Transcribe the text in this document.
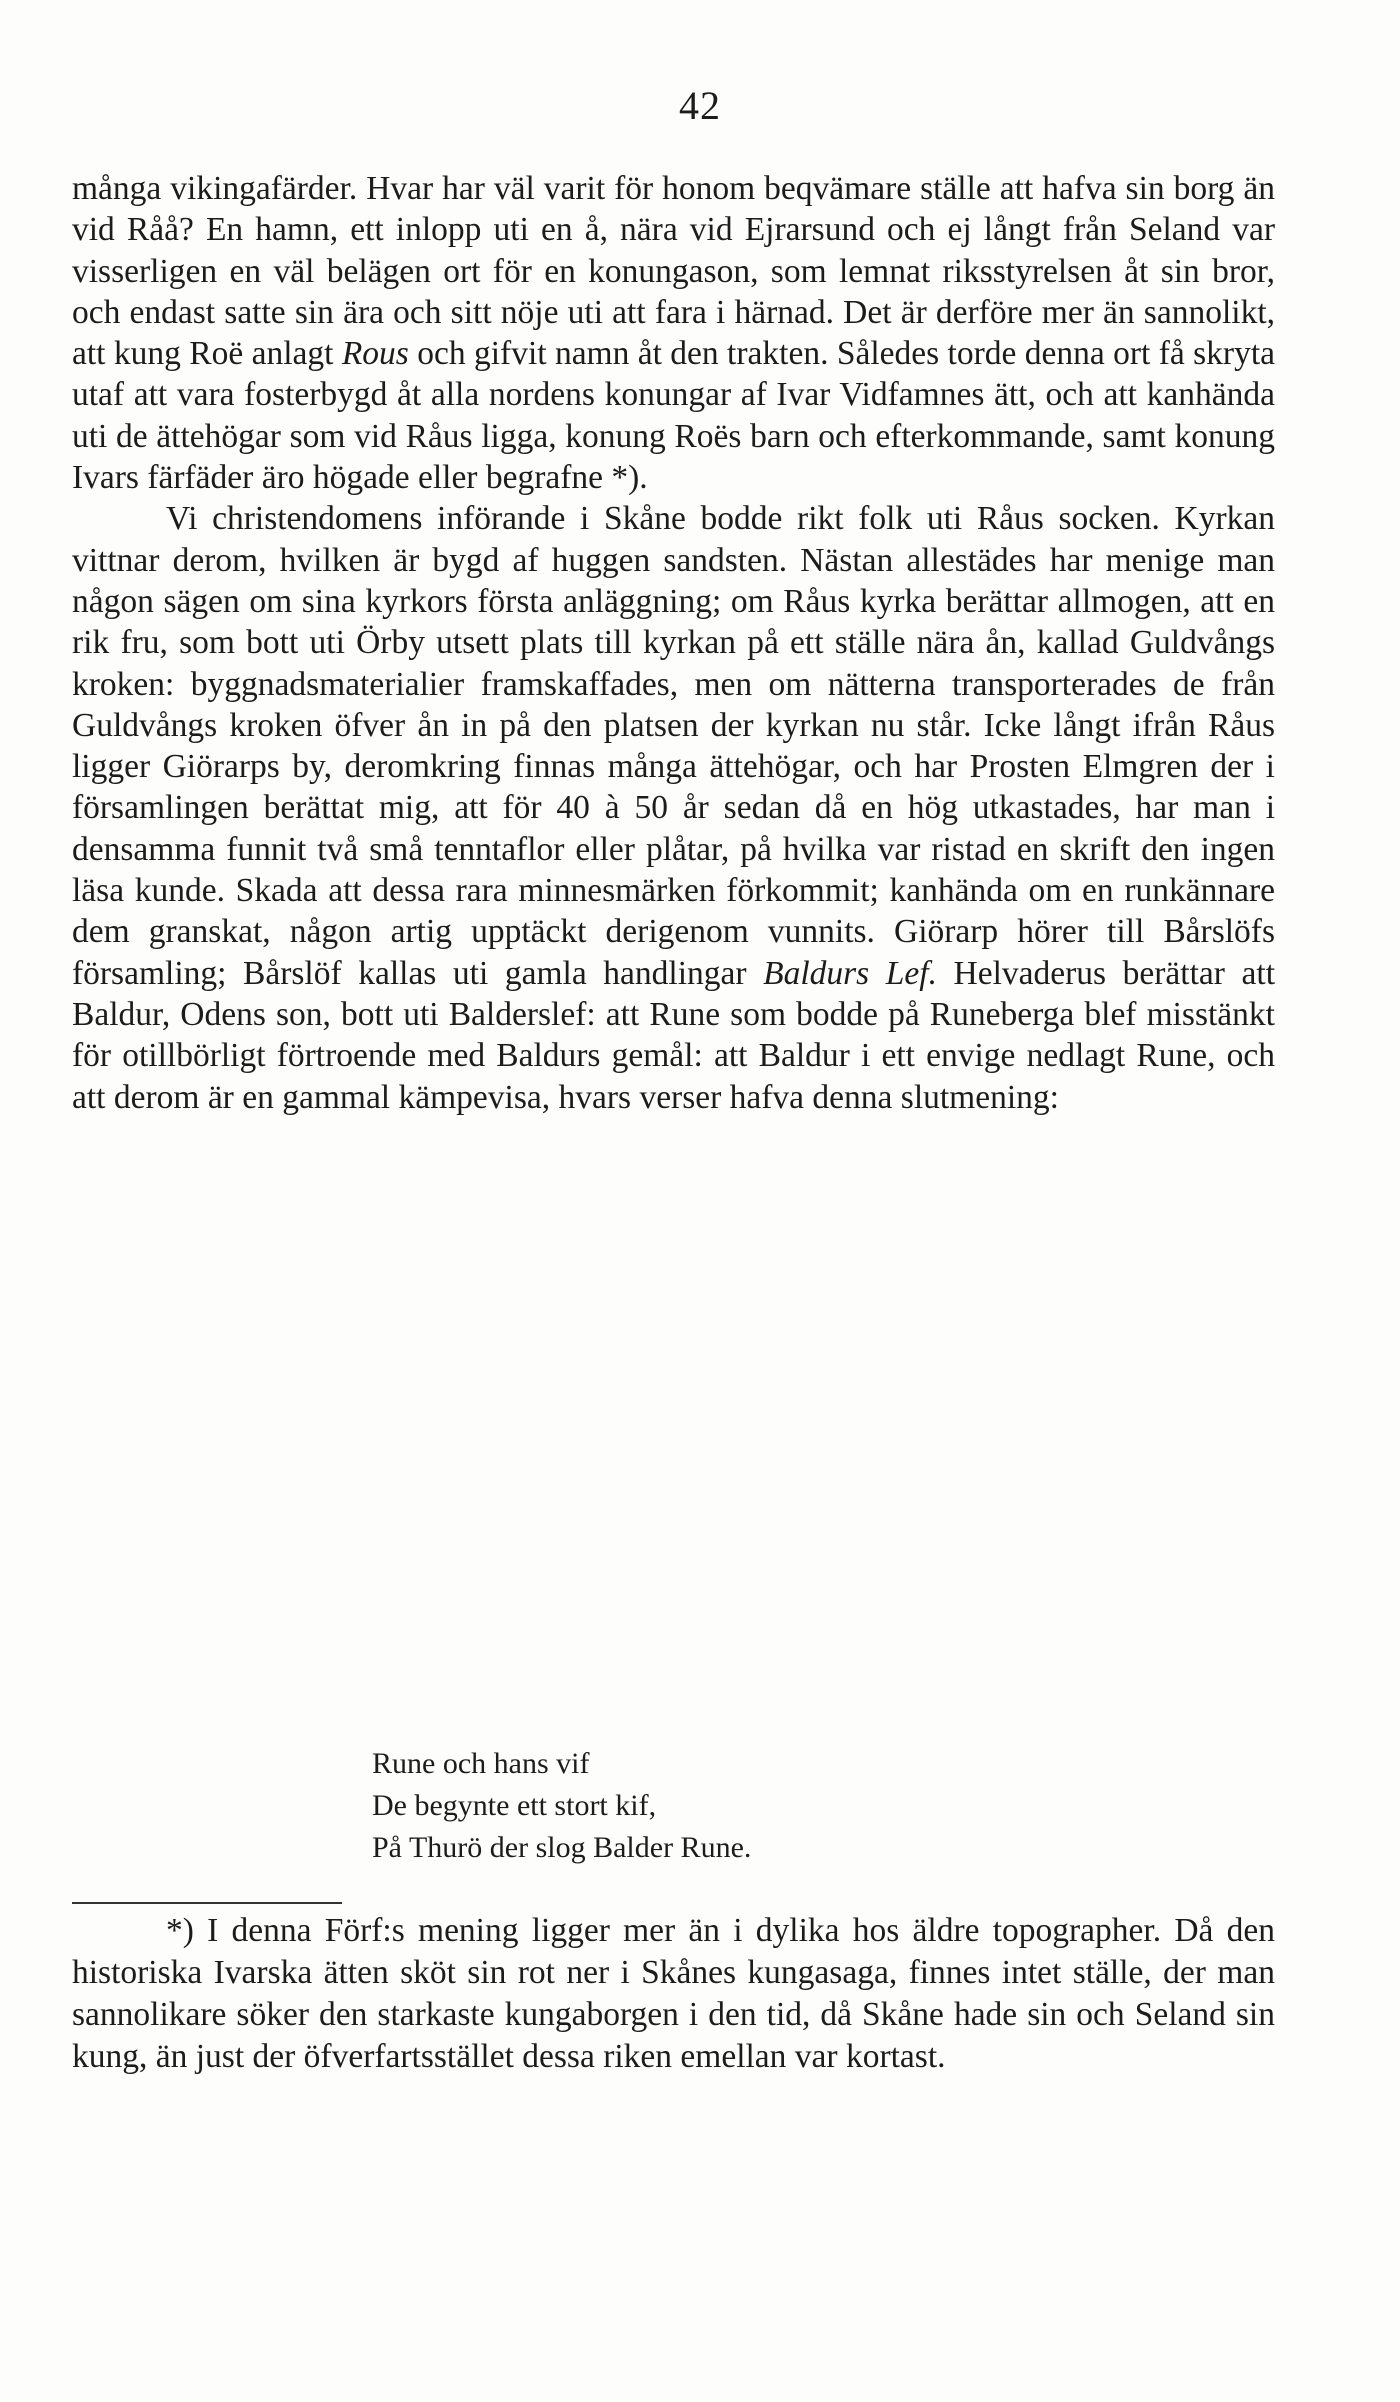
42

många vikingafärder. Hvar har väl varit för honom beqvämare ställe att hafva sin borg än vid Råå? En hamn, ett inlopp uti en å, nära vid Ejrarsund och ej långt från Seland var visserligen en väl belägen ort för en konungason, som lemnat riksstyrelsen åt sin bror, och endast satte sin ära och sitt nöje uti att fara i härnad. Det är derföre mer än sannolikt, att kung Roë anlagt Rous och gifvit namn åt den trakten. Således torde denna ort få skryta utaf att vara fosterbygd åt alla nordens konungar af Ivar Vidfamnes ätt, och att kanhända uti de ättehögar som vid Råus ligga, konung Roës barn och efterkommande, samt konung Ivars färfäder äro högade eller begrafne *).

Vi christendomens införande i Skåne bodde rikt folk uti Råus socken. Kyrkan vittnar derom, hvilken är bygd af huggen sandsten. Nästan allestädes har menige man någon sägen om sina kyrkors första anläggning; om Råus kyrka berättar allmogen, att en rik fru, som bott uti Örby utsett plats till kyrkan på ett ställe nära ån, kallad Guldvångs kroken: byggnadsmaterialier framskaffades, men om nätterna transporterades de från Guldvångs kroken öfver ån in på den platsen der kyrkan nu står. Icke långt ifrån Råus ligger Giörarps by, deromkring finnas många ättehögar, och har Prosten Elmgren der i församlingen berättat mig, att för 40 à 50 år sedan då en hög utkastades, har man i densamma funnit två små tenntaflor eller plåtar, på hvilka var ristad en skrift den ingen läsa kunde. Skada att dessa rara minnesmärken förkommit; kanhända om en runkännare dem granskat, någon artig upptäckt derigenom vunnits. Giörarp hörer till Bårslöfs församling; Bårslöf kallas uti gamla handlingar Baldurs Lef. Helvaderus berättar att Baldur, Odens son, bott uti Balderslef: att Rune som bodde på Runeberga blef misstänkt för otillbörligt förtroende med Baldurs gemål: att Baldur i ett envige nedlagt Rune, och att derom är en gammal kämpevisa, hvars verser hafva denna slutmening:

Rune och hans vif
De begynte ett stort kif,
På Thurö der slog Balder Rune.
*) I denna Förf:s mening ligger mer än i dylika hos äldre topographer. Då den historiska Ivarska ätten sköt sin rot ner i Skånes kungasaga, finnes intet ställe, der man sannolikare söker den starkaste kungaborgen i den tid, då Skåne hade sin och Seland sin kung, än just der öfverfartsstället dessa riken emellan var kortast.
